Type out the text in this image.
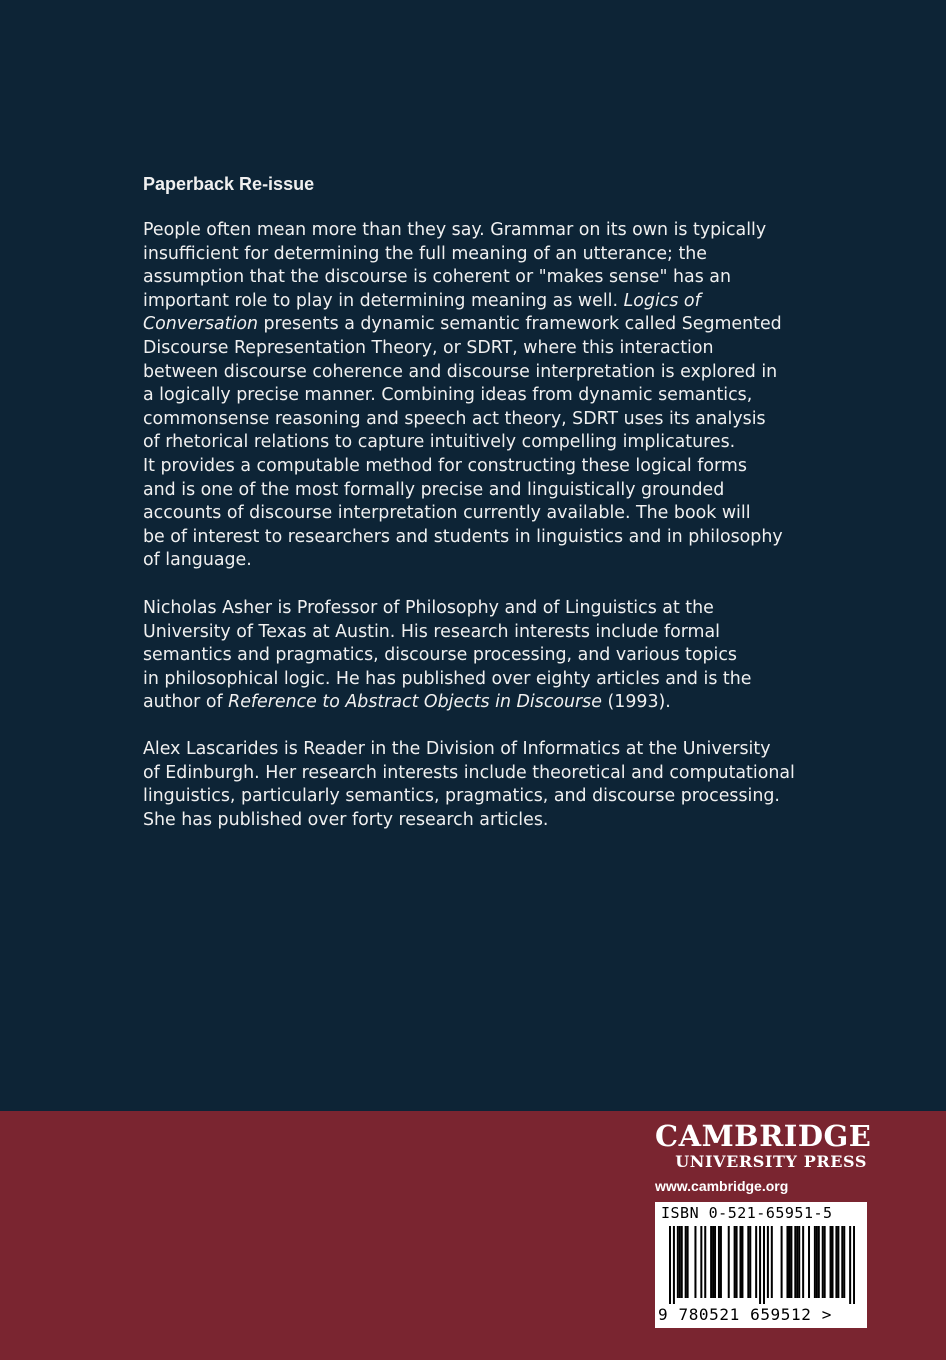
Paperback Re-issue

People often mean more than they say. Grammar on its own is typically
insufficient for determining the full meaning of an utterance; the
assumption that the discourse is coherent or "makes sense" has an
important role to play in determining meaning as well. Logics of
Conversation presents a dynamic semantic framework called Segmented
Discourse Representation Theory, or SDRT, where this interaction
between discourse coherence and discourse interpretation is explored in
a logically precise manner. Combining ideas from dynamic semantics,
commonsense reasoning and speech act theory, SDRT uses its analysis
of rhetorical relations to capture intuitively compelling implicatures.
It provides a computable method for constructing these logical forms
and is one of the most formally precise and linguistically grounded
accounts of discourse interpretation currently available. The book will
be of interest to researchers and students in linguistics and in philosophy
of language.

Nicholas Asher is Professor of Philosophy and of Linguistics at the
University of Texas at Austin. His research interests include formal
semantics and pragmatics, discourse processing, and various topics
in philosophical logic. He has published over eighty articles and is the
author of Reference to Abstract Objects in Discourse (1993).

Alex Lascarides is Reader in the Division of Informatics at the University
of Edinburgh. Her research interests include theoretical and computational
linguistics, particularly semantics, pragmatics, and discourse processing.
She has published over forty research articles.

CAMBRIDGE
UNIVERSITY PRESS
www.cambridge.org
ISBN 0-521-65951-5
9 780521 659512 >
